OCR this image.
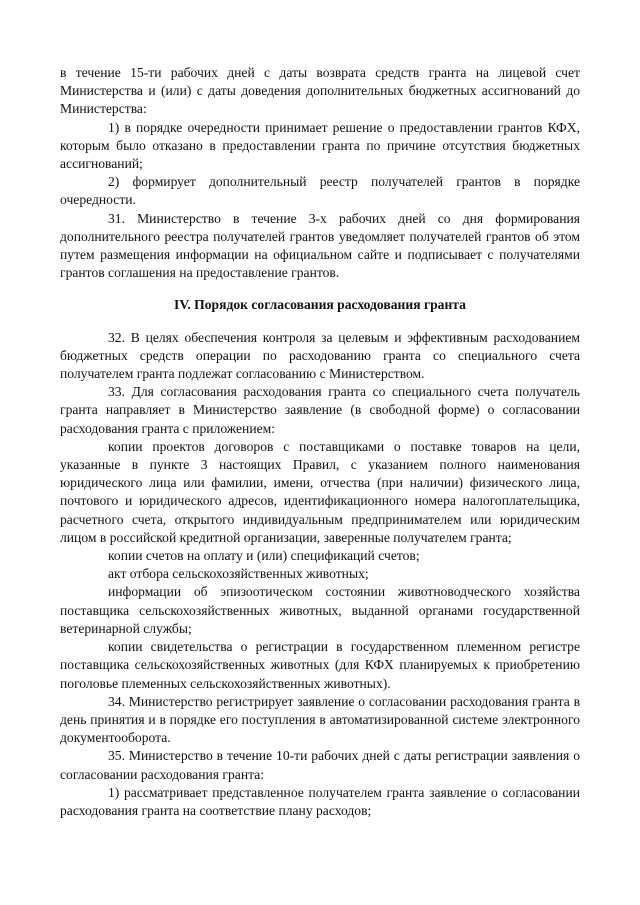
в течение 15-ти рабочих дней с даты возврата средств гранта на лицевой счет Министерства и (или) с даты доведения дополнительных бюджетных ассигнований до Министерства:

1) в порядке очередности принимает решение о предоставлении грантов КФХ, которым было отказано в предоставлении гранта по причине отсутствия бюджетных ассигнований;

2) формирует дополнительный реестр получателей грантов в порядке очередности.

31. Министерство в течение 3-х рабочих дней со дня формирования дополнительного реестра получателей грантов уведомляет получателей грантов об этом путем размещения информации на официальном сайте и подписывает с получателями грантов соглашения на предоставление грантов.

IV. Порядок согласования расходования гранта

32. В целях обеспечения контроля за целевым и эффективным расходованием бюджетных средств операции по расходованию гранта со специального счета получателем гранта подлежат согласованию с Министерством.

33. Для согласования расходования гранта со специального счета получатель гранта направляет в Министерство заявление (в свободной форме) о согласовании расходования гранта с приложением:

копии проектов договоров с поставщиками о поставке товаров на цели, указанные в пункте 3 настоящих Правил, с указанием полного наименования юридического лица или фамилии, имени, отчества (при наличии) физического лица, почтового и юридического адресов, идентификационного номера налогоплательщика, расчетного счета, открытого индивидуальным предпринимателем или юридическим лицом в российской кредитной организации, заверенные получателем гранта;

копии счетов на оплату и (или) спецификаций счетов;

акт отбора сельскохозяйственных животных;

информации об эпизоотическом состоянии животноводческого хозяйства поставщика сельскохозяйственных животных, выданной органами государственной ветеринарной службы;

копии свидетельства о регистрации в государственном племенном регистре поставщика сельскохозяйственных животных (для КФХ планируемых к приобретению поголовье племенных сельскохозяйственных животных).

34. Министерство регистрирует заявление о согласовании расходования гранта в день принятия и в порядке его поступления в автоматизированной системе электронного документооборота.

35. Министерство в течение 10-ти рабочих дней с даты регистрации заявления о согласовании расходования гранта:

1) рассматривает представленное получателем гранта заявление о согласовании расходования гранта на соответствие плану расходов;
